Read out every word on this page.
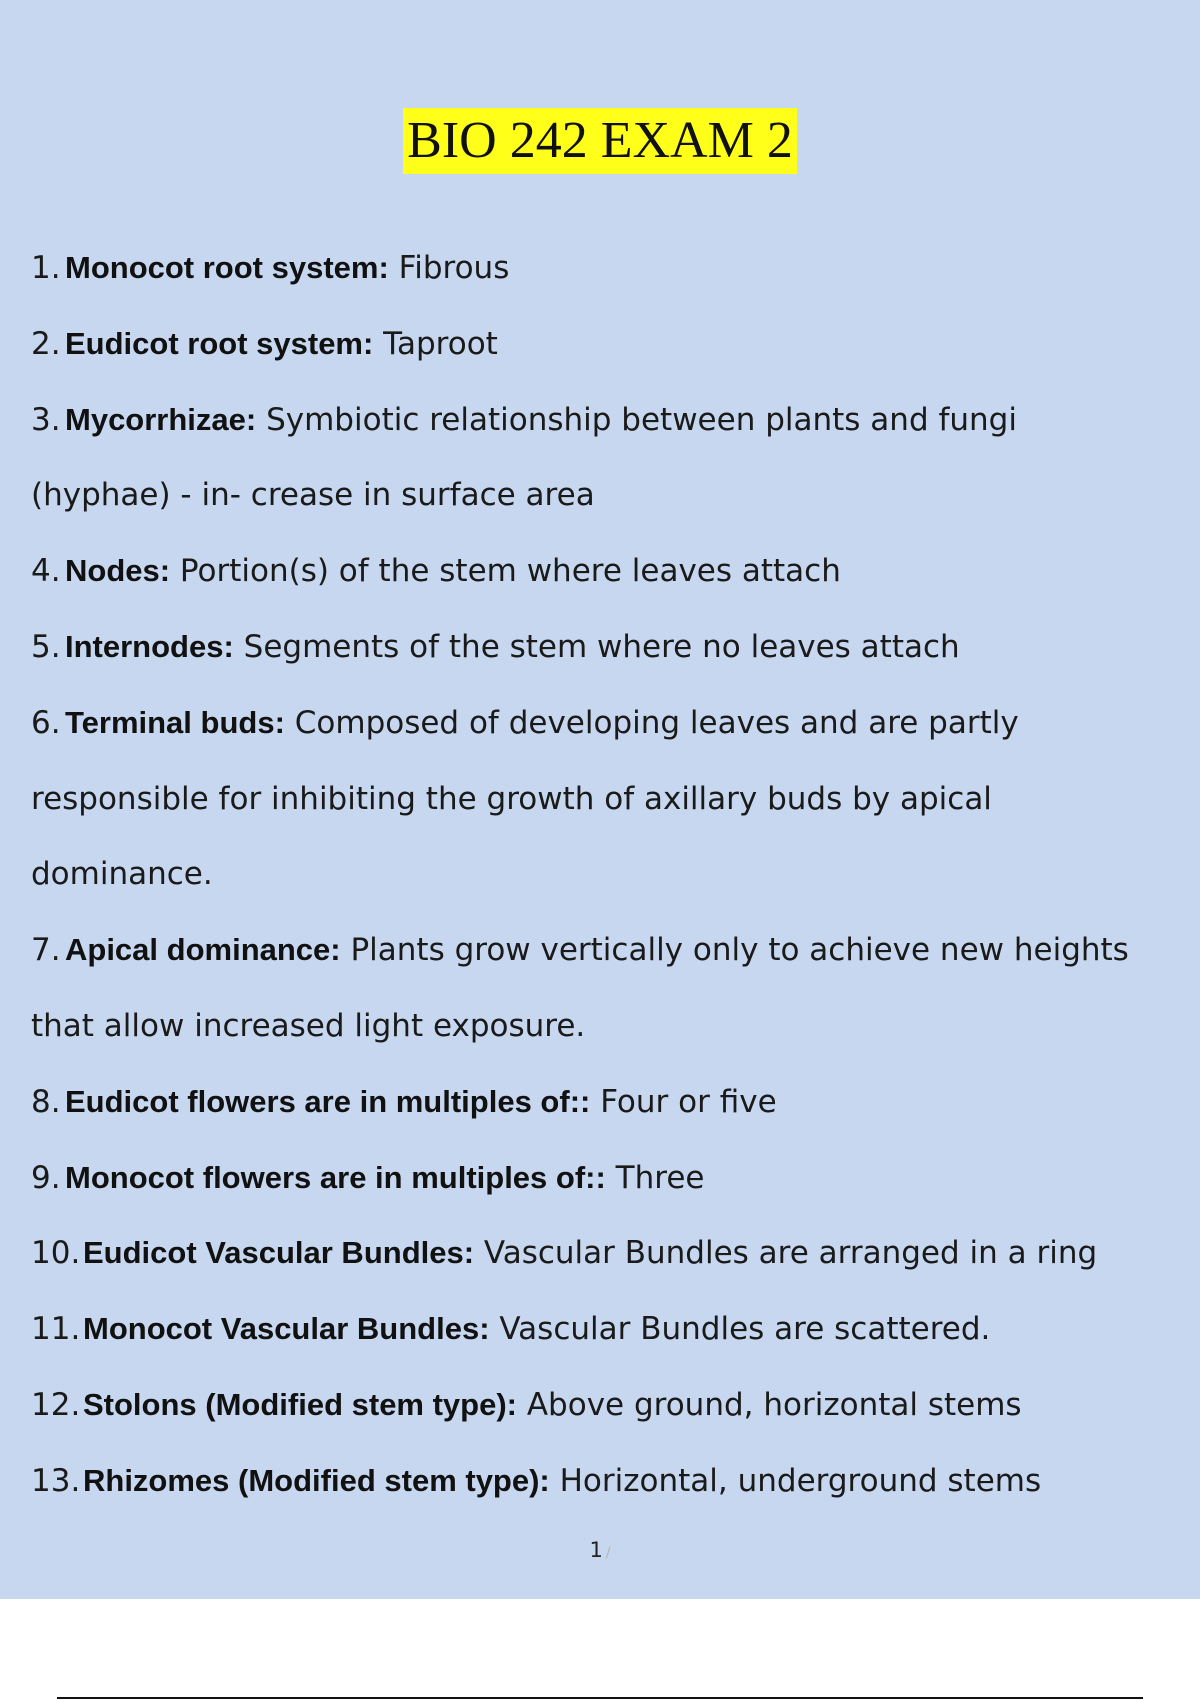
BIO 242 EXAM 2
1. Monocot root system: Fibrous
2. Eudicot root system: Taproot
3. Mycorrhizae: Symbiotic relationship between plants and fungi
(hyphae) - in- crease in surface area
4. Nodes: Portion(s) of the stem where leaves attach
5. Internodes: Segments of the stem where no leaves attach
6. Terminal buds: Composed of developing leaves and are partly
responsible for inhibiting the growth of axillary buds by apical
dominance.
7. Apical dominance: Plants grow vertically only to achieve new heights
that allow increased light exposure.
8. Eudicot flowers are in multiples of:: Four or five
9. Monocot flowers are in multiples of:: Three
10.Eudicot Vascular Bundles: Vascular Bundles are arranged in a ring
11.Monocot Vascular Bundles: Vascular Bundles are scattered.
12.Stolons (Modified stem type): Above ground, horizontal stems
13.Rhizomes (Modified stem type): Horizontal, underground stems
1 /
